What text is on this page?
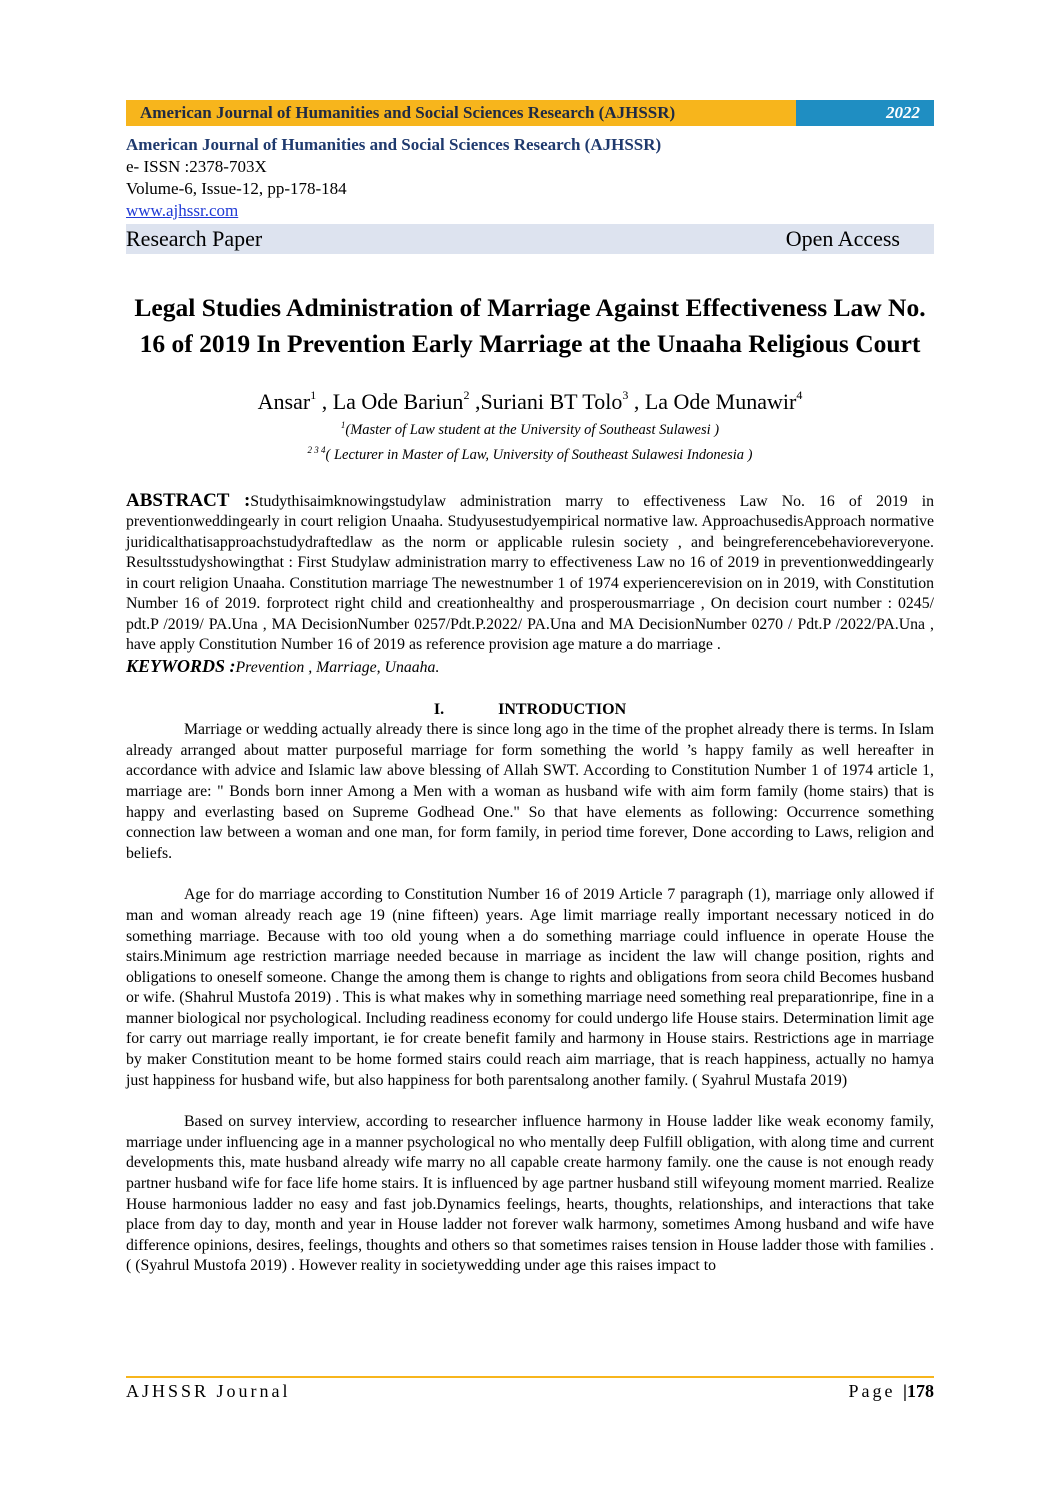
American Journal of Humanities and Social Sciences Research (AJHSSR)	2022
American Journal of Humanities and Social Sciences Research (AJHSSR)
e- ISSN :2378-703X
Volume-6, Issue-12, pp-178-184
www.ajhssr.com
Research Paper	Open Access
Legal Studies Administration of Marriage Against Effectiveness Law No. 16 of 2019 In Prevention Early Marriage at the Unaaha Religious Court
Ansar$^1$ , La Ode Bariun$^2$ ,Suriani BT Tolo$^3$ , La Ode Munawir$^4$
$^1$(Master of Law student at the University of Southeast Sulawesi )
$^{2 3 4}$( Lecturer in Master of Law, University of Southeast Sulawesi Indonesia )
ABSTRACT :Studythisaimknowingstudylaw administration marry to effectiveness Law No. 16 of 2019 in preventionweddingearly in court religion Unaaha. Studyusestudyempirical normative law. ApproachusedisApproach normative juridicalthatisapproachstudydraftedlaw as the norm or applicable rulesin society , and beingreferencebehavioreveryone. Resultsstudyshowingthat : First Studylaw administration marry to effectiveness Law no 16 of 2019 in preventionweddingearly in court religion Unaaha. Constitution marriage The newestnumber 1 of 1974 experiencerevision on in 2019, with Constitution Number 16 of 2019. forprotect right child and creationhealthy and prosperousmarriage , On decision court number : 0245/ pdt.P /2019/ PA.Una , MA DecisionNumber 0257/Pdt.P.2022/ PA.Una and MA DecisionNumber 0270 / Pdt.P /2022/PA.Una , have apply Constitution Number 16 of 2019 as reference provision age mature a do marriage .
KEYWORDS :Prevention , Marriage, Unaaha.
I.	INTRODUCTION

Marriage or wedding actually already there is since long ago in the time of the prophet already there is terms. In Islam already arranged about matter purposeful marriage for form something the world ’s happy family as well hereafter in accordance with advice and Islamic law above blessing of Allah SWT. According to Constitution Number 1 of 1974 article 1, marriage are: " Bonds born inner Among a Men with a woman as husband wife with aim form family (home stairs) that is happy and everlasting based on Supreme Godhead One." So that have elements as following: Occurrence something connection law between a woman and one man, for form family, in period time forever, Done according to Laws, religion and beliefs.

Age for do marriage according to Constitution Number 16 of 2019 Article 7 paragraph (1), marriage only allowed if man and woman already reach age 19 (nine fifteen) years. Age limit marriage really important necessary noticed in do something marriage. Because with too old young when a do something marriage could influence in operate House the stairs.Minimum age restriction marriage needed because in marriage as incident the law will change position, rights and obligations to oneself someone. Change the among them is change to rights and obligations from seora child Becomes husband or wife. (Shahrul Mustofa 2019) . This is what makes why in something marriage need something real preparationripe, fine in a manner biological nor psychological. Including readiness economy for could undergo life House stairs. Determination limit age for carry out marriage really important, ie for create benefit family and harmony in House stairs. Restrictions age in marriage by maker Constitution meant to be home formed stairs could reach aim marriage, that is reach happiness, actually no hamya just happiness for husband wife, but also happiness for both parentsalong another family. ( Syahrul Mustafa 2019)

Based on survey interview, according to researcher influence harmony in House ladder like weak economy family, marriage under influencing age in a manner psychological no who mentally deep Fulfill obligation, with along time and current developments this, mate husband already wife marry no all capable create harmony family. one the cause is not enough ready partner husband wife for face life home stairs. It is influenced by age partner husband still wifeyoung moment married. Realize House harmonious ladder no easy and fast job.Dynamics feelings, hearts, thoughts, relationships, and interactions that take place from day to day, month and year in House ladder not forever walk harmony, sometimes Among husband and wife have difference opinions, desires, feelings, thoughts and others so that sometimes raises tension in House ladder those with families . ( (Syahrul Mustofa 2019) . However reality in societywedding under age this raises impact to

AJHSSR Journal	Page |178
